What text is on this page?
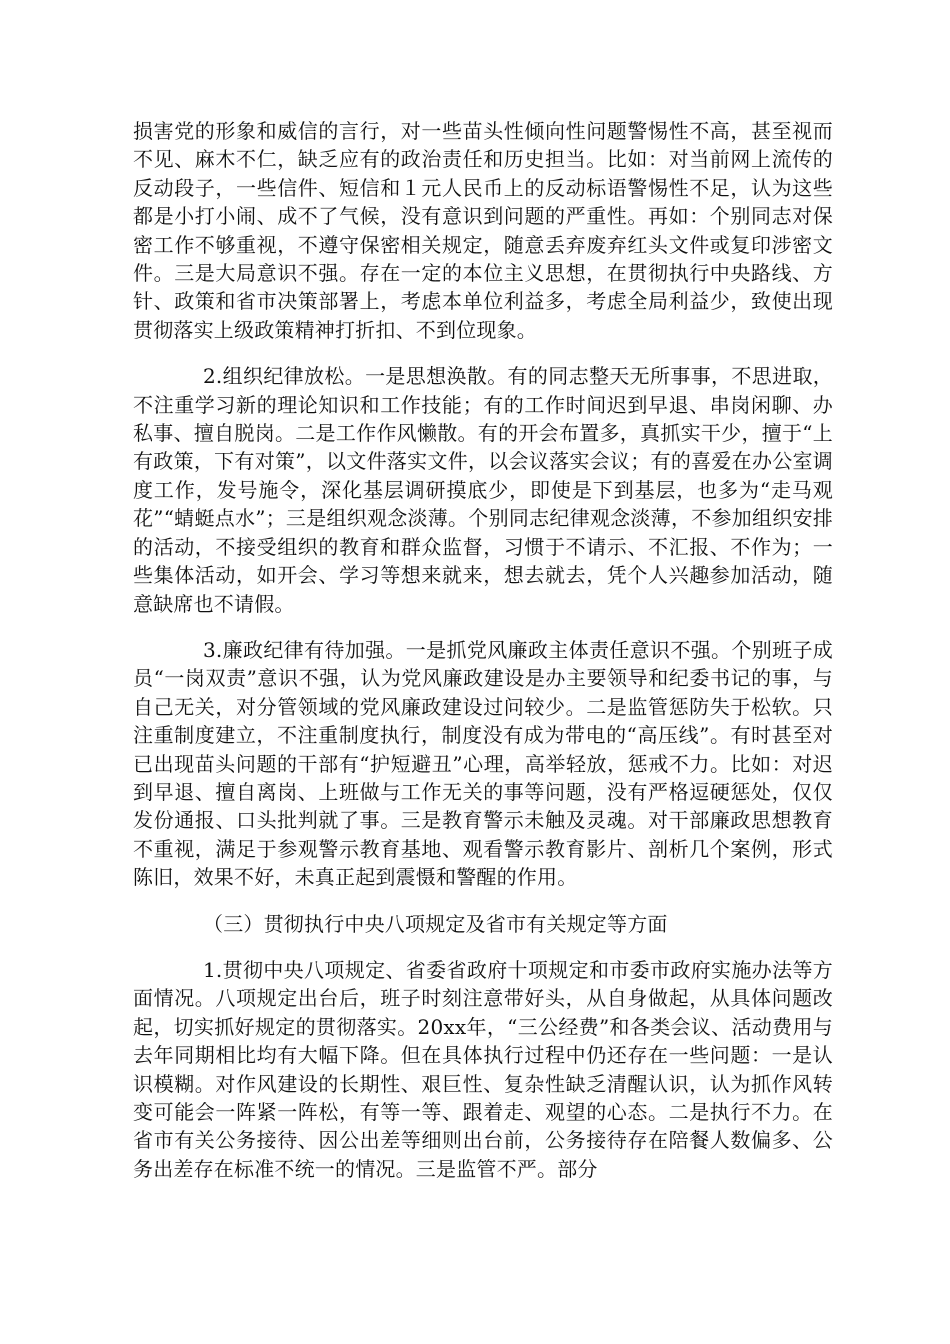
损害党的形象和威信的言行，对一些苗头性倾向性问题警惕性不高，甚至视而不见、麻木不仁，缺乏应有的政治责任和历史担当。比如：对当前网上流传的反动段子，一些信件、短信和１元人民币上的反动标语警惕性不足，认为这些都是小打小闹、成不了气候，没有意识到问题的严重性。再如：个别同志对保密工作不够重视，不遵守保密相关规定，随意丢弃废弃红头文件或复印涉密文件。三是大局意识不强。存在一定的本位主义思想，在贯彻执行中央路线、方针、政策和省市决策部署上，考虑本单位利益多，考虑全局利益少，致使出现贯彻落实上级政策精神打折扣、不到位现象。

2.组织纪律放松。一是思想涣散。有的同志整天无所事事，不思进取，不注重学习新的理论知识和工作技能；有的工作时间迟到早退、串岗闲聊、办私事、擅自脱岗。二是工作作风懒散。有的开会布置多，真抓实干少，擅于“上有政策，下有对策”，以文件落实文件，以会议落实会议；有的喜爱在办公室调度工作，发号施令，深化基层调研摸底少，即使是下到基层，也多为“走马观花”“蜻蜓点水”；三是组织观念淡薄。个别同志纪律观念淡薄，不参加组织安排的活动，不接受组织的教育和群众监督，习惯于不请示、不汇报、不作为；一些集体活动，如开会、学习等想来就来，想去就去，凭个人兴趣参加活动，随意缺席也不请假。

3.廉政纪律有待加强。一是抓党风廉政主体责任意识不强。个别班子成员“一岗双责”意识不强，认为党风廉政建设是办主要领导和纪委书记的事，与自己无关，对分管领域的党风廉政建设过问较少。二是监管惩防失于松软。只注重制度建立，不注重制度执行，制度没有成为带电的“高压线”。有时甚至对已出现苗头问题的干部有“护短避丑”心理，高举轻放，惩戒不力。比如：对迟到早退、擅自离岗、上班做与工作无关的事等问题，没有严格逗硬惩处，仅仅发份通报、口头批判就了事。三是教育警示未触及灵魂。对干部廉政思想教育不重视，满足于参观警示教育基地、观看警示教育影片、剖析几个案例，形式陈旧，效果不好，未真正起到震慑和警醒的作用。

（三）贯彻执行中央八项规定及省市有关规定等方面

1.贯彻中央八项规定、省委省政府十项规定和市委市政府实施办法等方面情况。八项规定出台后，班子时刻注意带好头，从自身做起，从具体问题改起，切实抓好规定的贯彻落实。20xx年，“三公经费”和各类会议、活动费用与去年同期相比均有大幅下降。但在具体执行过程中仍还存在一些问题：一是认识模糊。对作风建设的长期性、艰巨性、复杂性缺乏清醒认识，认为抓作风转变可能会一阵紧一阵松，有等一等、跟着走、观望的心态。二是执行不力。在省市有关公务接待、因公出差等细则出台前，公务接待存在陪餐人数偏多、公务出差存在标准不统一的情况。三是监管不严。部分
